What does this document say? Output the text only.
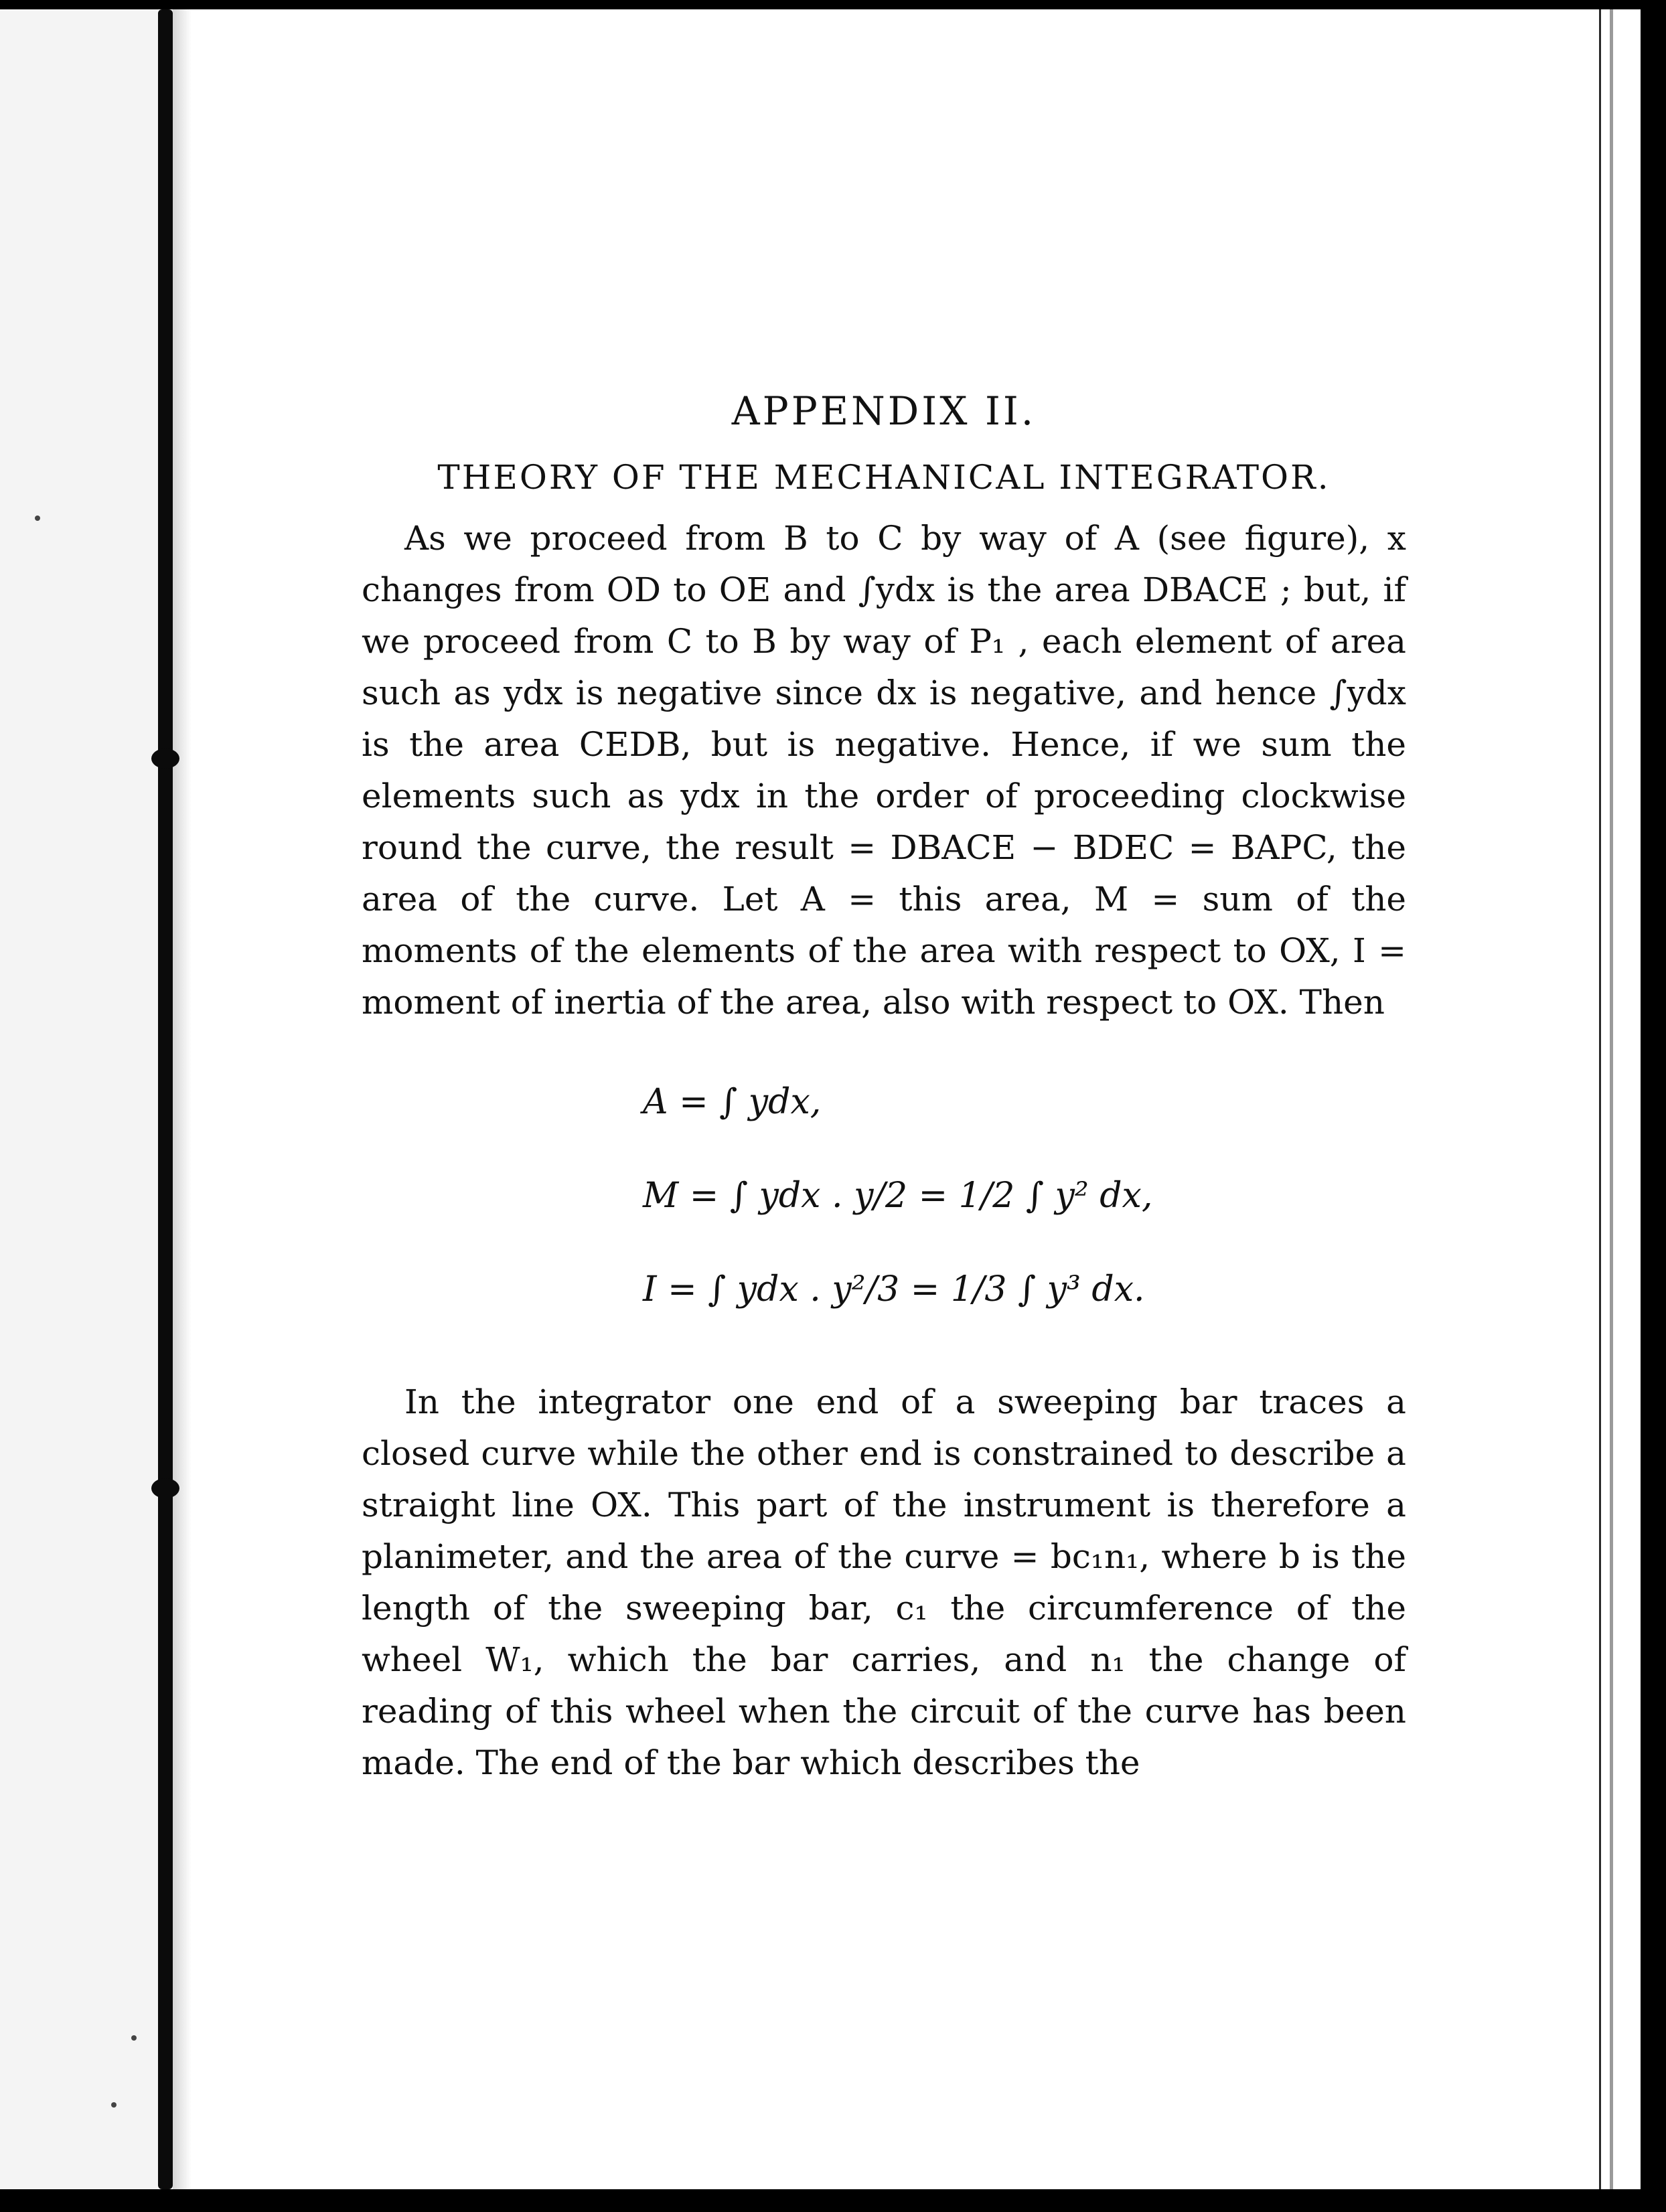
APPENDIX II.
THEORY OF THE MECHANICAL INTEGRATOR.

As we proceed from B to C by way of A (see figure), x changes from OD to OE and ∫ydx is the area DBACE ; but, if we proceed from C to B by way of P₁ , each element of area such as ydx is negative since dx is negative, and hence ∫ydx is the area CEDB, but is negative. Hence, if we sum the elements such as ydx in the order of proceeding clockwise round the curve, the result = DBACE − BDEC = BAPC, the area of the curve. Let A = this area, M = sum of the moments of the elements of the area with respect to OX, I = moment of inertia of the area, also with respect to OX. Then

A = ∫ ydx,
M = ∫ ydx . y/2 = 1/2 ∫ y² dx,
I = ∫ ydx . y²/3 = 1/3 ∫ y³ dx.

In the integrator one end of a sweeping bar traces a closed curve while the other end is constrained to describe a straight line OX. This part of the instrument is therefore a planimeter, and the area of the curve = bc₁n₁, where b is the length of the sweeping bar, c₁ the circumference of the wheel W₁, which the bar carries, and n₁ the change of reading of this wheel when the circuit of the curve has been made. The end of the bar which describes the
